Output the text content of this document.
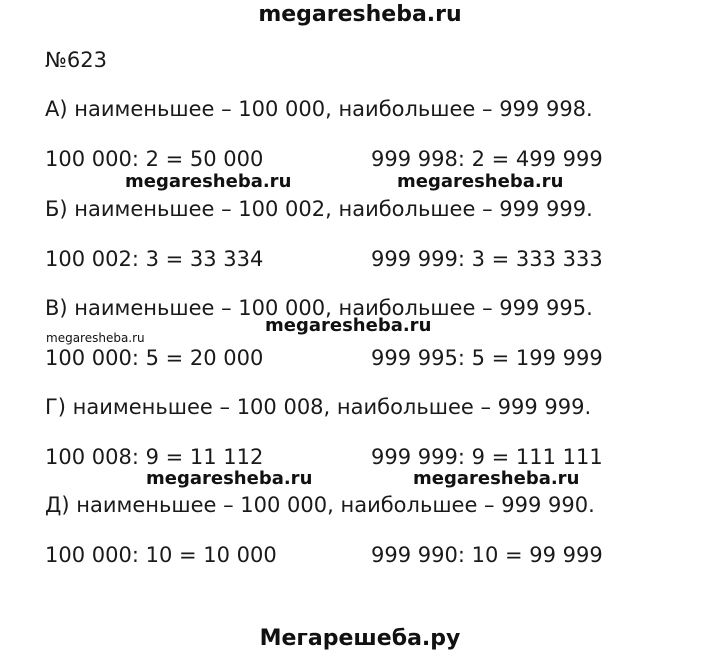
megaresheba.ru
№623
А) наименьшее – 100 000, наибольшее – 999 998.
100 000: 2 = 50 000	999 998: 2 = 499 999
Б) наименьшее – 100 002, наибольшее – 999 999.
100 002: 3 = 33 334	999 999: 3 = 333 333
В) наименьшее – 100 000, наибольшее – 999 995.
100 000: 5 = 20 000	999 995: 5 = 199 999
Г) наименьшее – 100 008, наибольшее – 999 999.
100 008: 9 = 11 112	999 999: 9 = 111 111
Д) наименьшее – 100 000, наибольшее – 999 990.
100 000: 10 = 10 000	999 990: 10 = 99 999
megaresheba.ru	megaresheba.ru
megaresheba.ru
megaresheba.ru
megaresheba.ru	megaresheba.ru
Мегарешеба.ру
